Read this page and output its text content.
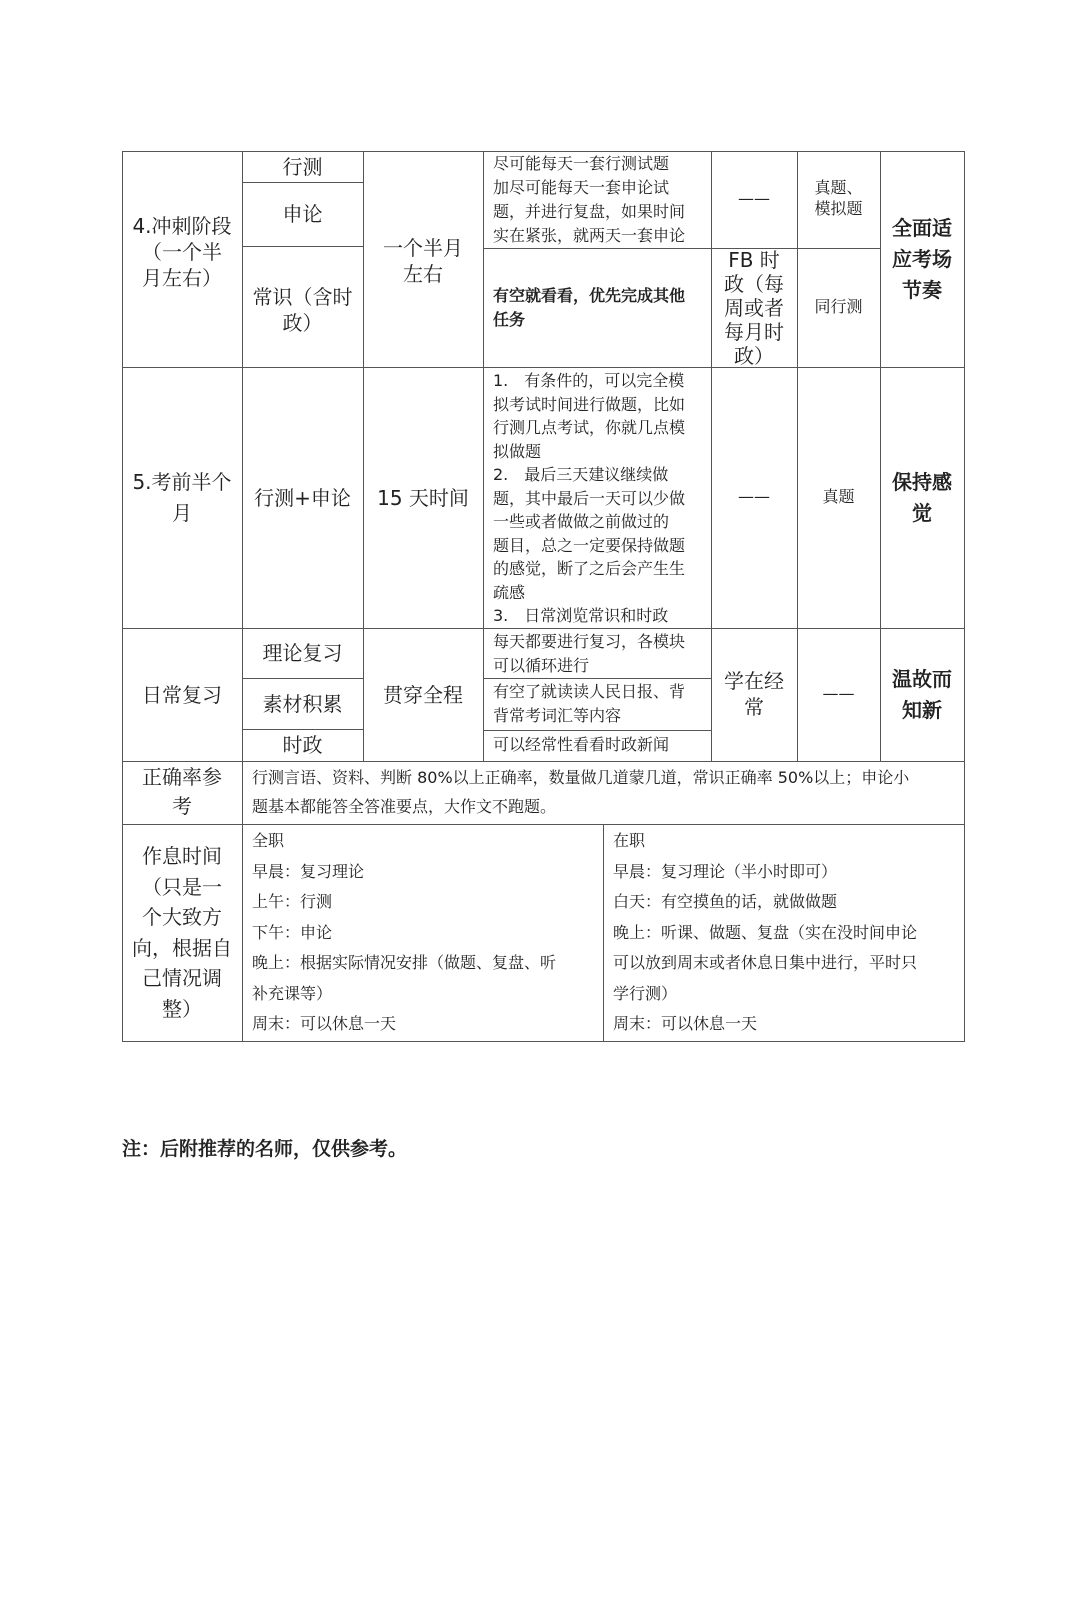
4.冲刺阶段
（一个半
月左右）
行测
申论
常识（含时
政）
一个半月
左右
尽可能每天一套行测试题
加尽可能每天一套申论试
题，并进行复盘，如果时间
实在紧张，就两天一套申论
有空就看看，优先完成其他
任务
——
FB 时
政（每
周或者
每月时
政）
真题、
模拟题
同行测
全面适
应考场
节奏
5.考前半个
月
行测+申论 15 天时间
1.　有条件的，可以完全模
拟考试时间进行做题，比如
行测几点考试，你就几点模
拟做题
2.　最后三天建议继续做
题，其中最后一天可以少做
一些或者做做之前做过的
题目，总之一定要保持做题
的感觉，断了之后会产生生
疏感
3.　日常浏览常识和时政
——	真题
保持感
觉
日常复习
理论复习
素材积累
时政
贯穿全程
每天都要进行复习，各模块
可以循环进行
有空了就读读人民日报、背
背常考词汇等内容
可以经常性看看时政新闻
学在经
常
——
温故而
知新
正确率参
考
行测言语、资料、判断 80%以上正确率，数量做几道蒙几道，常识正确率 50%以上；申论小
题基本都能答全答准要点，大作文不跑题。
作息时间
（只是一
个大致方
向，根据自
己情况调
整）
全职
早晨：复习理论
上午：行测
下午：申论
晚上：根据实际情况安排（做题、复盘、听
补充课等）
周末：可以休息一天
在职
早晨：复习理论（半小时即可）
白天：有空摸鱼的话，就做做题
晚上：听课、做题、复盘（实在没时间申论
可以放到周末或者休息日集中进行，平时只
学行测）
周末：可以休息一天
注：后附推荐的名师，仅供参考。
